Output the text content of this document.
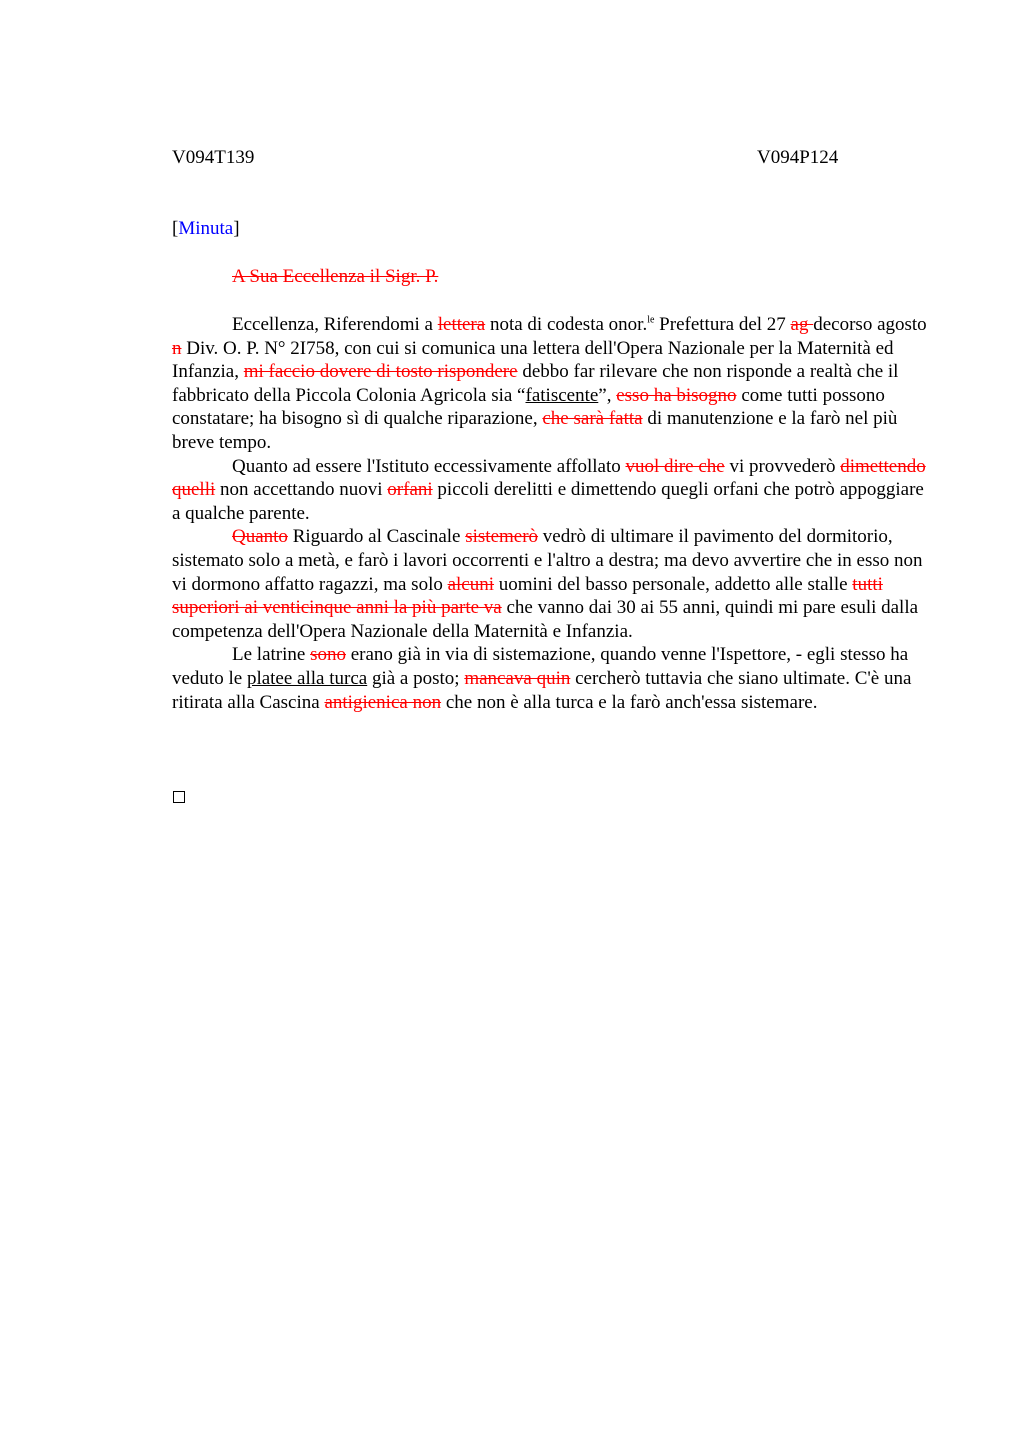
V094T139	V094P124
[Minuta]
A Sua Eccellenza il Sigr. P.

Eccellenza, Riferendomi a lettera nota di codesta onor.$^{le}$ Prefettura del 27 ag decorso agosto n Div. O. P. N° 2I758, con cui si comunica una lettera dell'Opera Nazionale per la Maternità ed Infanzia, mi faccio dovere di tosto rispondere debbo far rilevare che non risponde a realtà che il fabbricato della Piccola Colonia Agricola sia “fatiscente”, esso ha bisogno come tutti possono constatare; ha bisogno sì di qualche riparazione, che sarà fatta di manutenzione e la farò nel più breve tempo.

Quanto ad essere l'Istituto eccessivamente affollato vuol dire che vi provvederò dimettendo quelli non accettando nuovi orfani piccoli derelitti e dimettendo quegli orfani che potrò appoggiare a qualche parente.

Quanto Riguardo al Cascinale sistemerò vedrò di ultimare il pavimento del dormitorio, sistemato solo a metà, e farò i lavori occorrenti e l'altro a destra; ma devo avvertire che in esso non vi dormono affatto ragazzi, ma solo alcuni uomini del basso personale, addetto alle stalle tutti superiori ai venticinque anni la più parte va che vanno dai 30 ai 55 anni, quindi mi pare esuli dalla competenza dell'Opera Nazionale della Maternità e Infanzia.

Le latrine sono erano già in via di sistemazione, quando venne l'Ispettore, - egli stesso ha veduto le platee alla turca già a posto; mancava quin cercherò tuttavia che siano ultimate. C'è una ritirata alla Cascina antigienica non che non è alla turca e la farò anch'essa sistemare.
